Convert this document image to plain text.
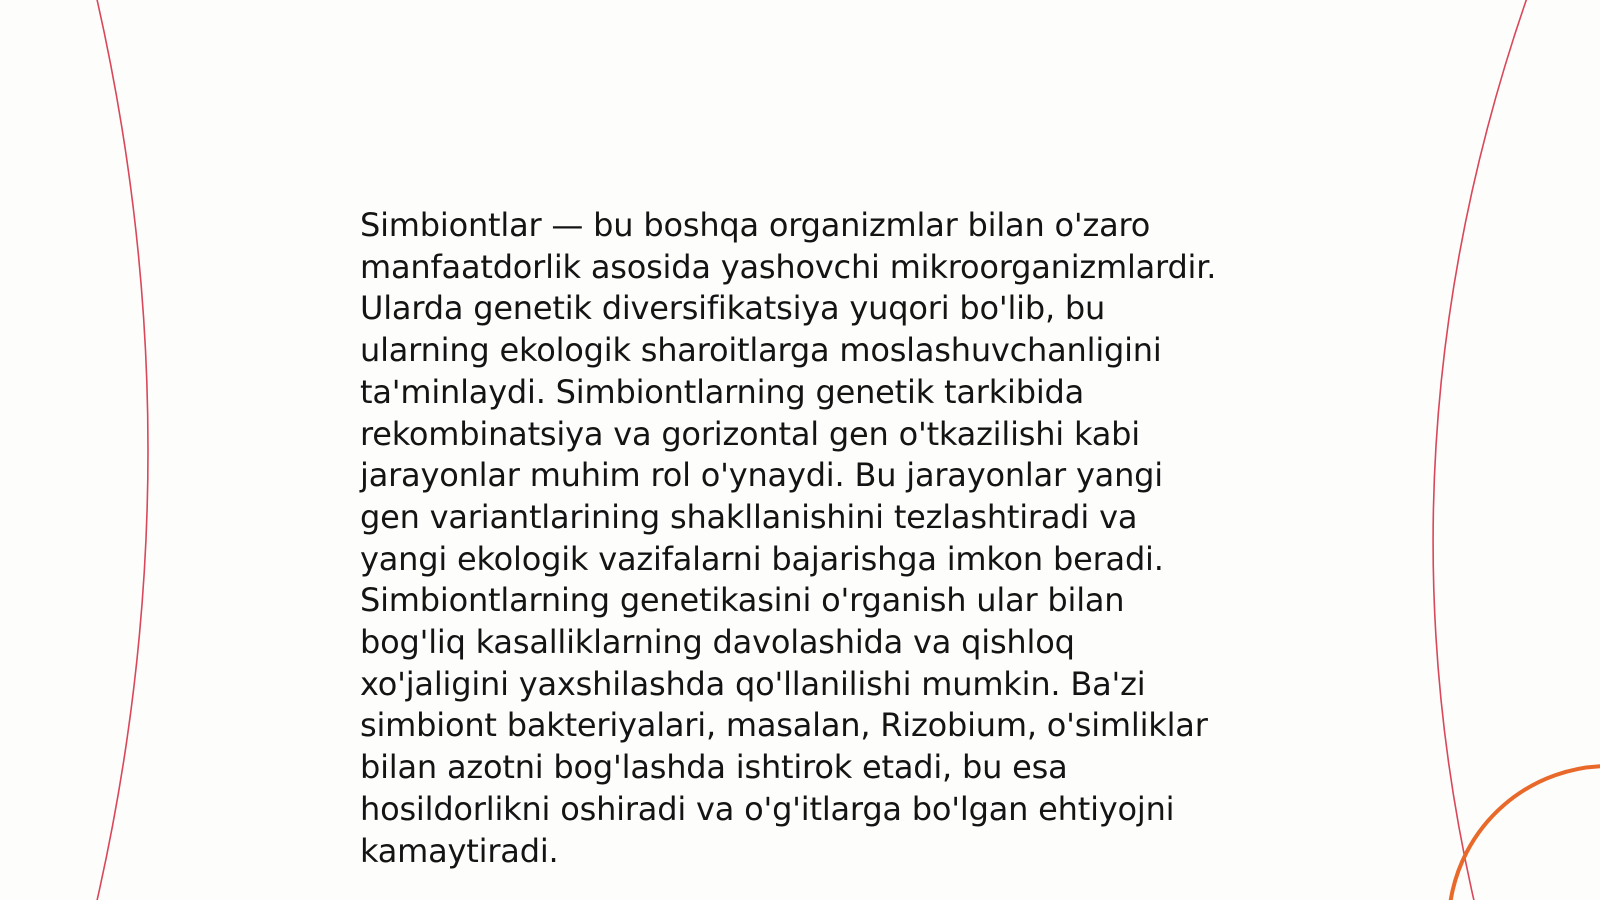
Simbiontlar — bu boshqa organizmlar bilan o'zaro
manfaatdorlik asosida yashovchi mikroorganizmlardir.
Ularda genetik diversifikatsiya yuqori bo'lib, bu
ularning ekologik sharoitlarga moslashuvchanligini
ta'minlaydi. Simbiontlarning genetik tarkibida
rekombinatsiya va gorizontal gen o'tkazilishi kabi
jarayonlar muhim rol o'ynaydi. Bu jarayonlar yangi
gen variantlarining shakllanishini tezlashtiradi va
yangi ekologik vazifalarni bajarishga imkon beradi.
Simbiontlarning genetikasini o'rganish ular bilan
bog'liq kasalliklarning davolashida va qishloq
xo'jaligini yaxshilashda qo'llanilishi mumkin. Ba'zi
simbiont bakteriyalari, masalan, Rizobium, o'simliklar
bilan azotni bog'lashda ishtirok etadi, bu esa
hosildorlikni oshiradi va o'g'itlarga bo'lgan ehtiyojni
kamaytiradi.
